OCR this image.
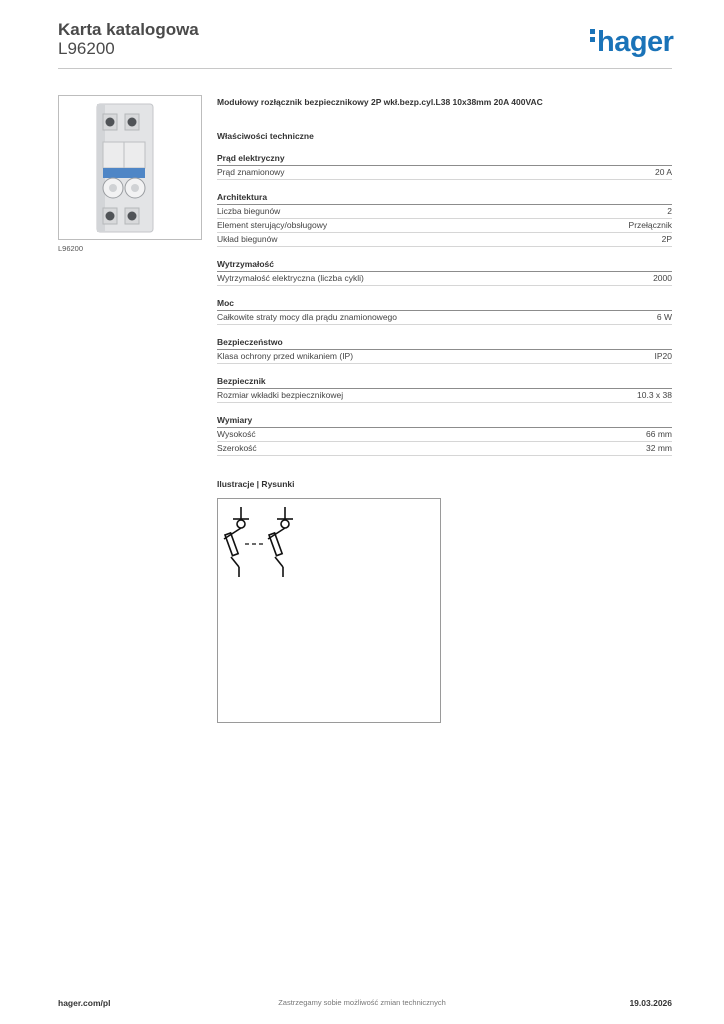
Karta katalogowa
L96200	hager
L96200
Modułowy rozłącznik bezpiecznikowy 2P wkł.bezp.cyl.L38 10x38mm 20A 400VAC
Właściwości techniczne
Prąd elektryczny
Prąd znamionowy	20 A
Architektura
Liczba biegunów	2
Element sterujący/obsługowy	Przełącznik
Układ biegunów	2P
Wytrzymałość
Wytrzymałość elektryczna (liczba cykli)	2000
Moc
Całkowite straty mocy dla prądu znamionowego	6 W
Bezpieczeństwo
Klasa ochrony przed wnikaniem (IP)	IP20
Bezpiecznik
Rozmiar wkładki bezpiecznikowej	10.3 x 38
Wymiary
Wysokość	66 mm
Szerokość	32 mm
Ilustracje | Rysunki
hager.com/pl	Zastrzegamy sobie możliwość zmian technicznych	19.03.2026
